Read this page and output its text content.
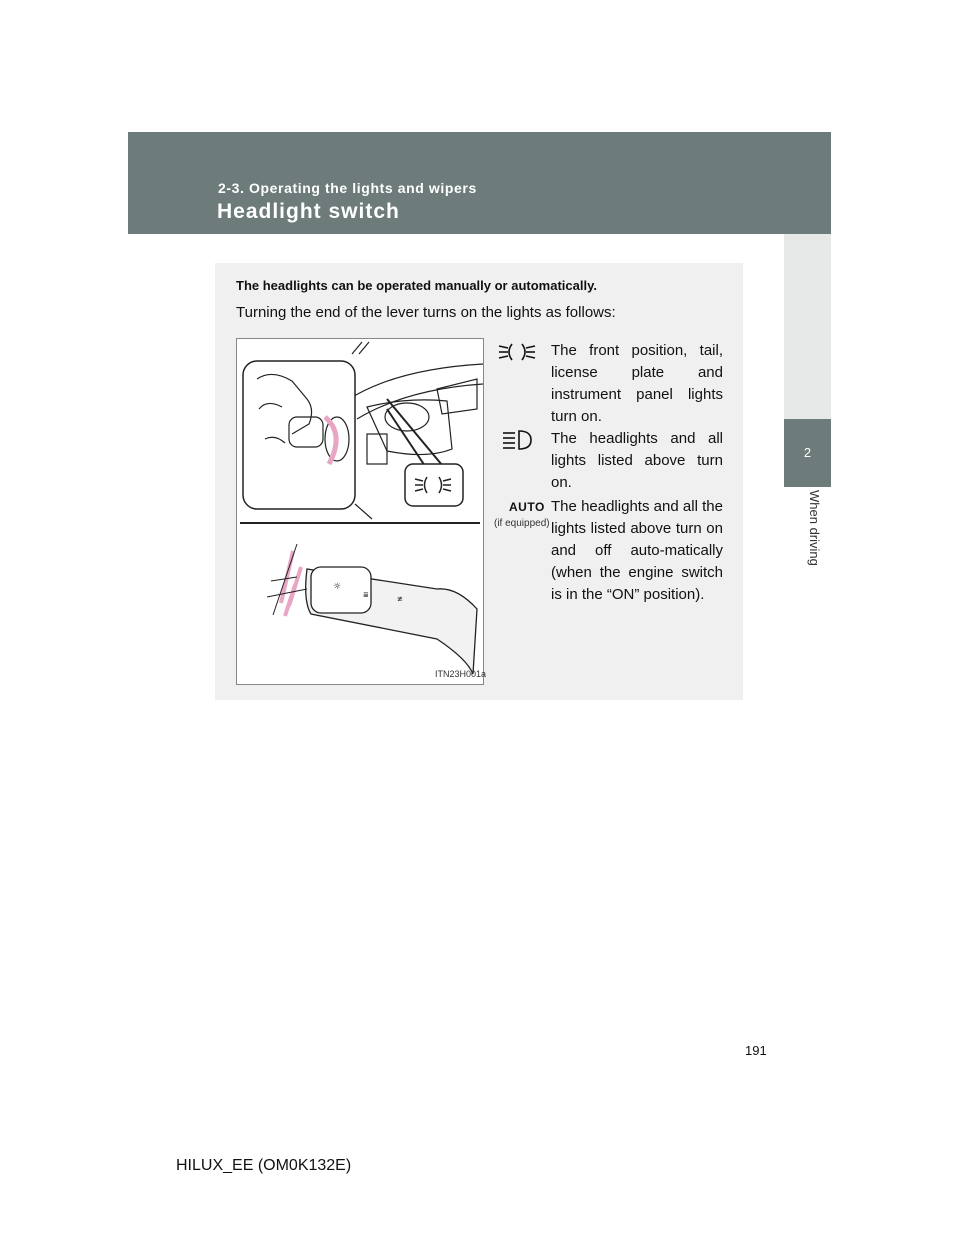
2-3. Operating the lights and wipers
Headlight switch
2
When driving
The headlights can be operated manually or automatically.
Turning the end of the lever turns on the lights as follows:
☼
≣	≢
ITN23H001a
The front position, tail, license plate and instrument panel lights turn on.
The headlights and all lights listed above turn on.
AUTO
(if equipped)
The headlights and all the lights listed above turn on and off auto-matically (when the engine switch is in the “ON” position).
191
HILUX_EE (OM0K132E)
